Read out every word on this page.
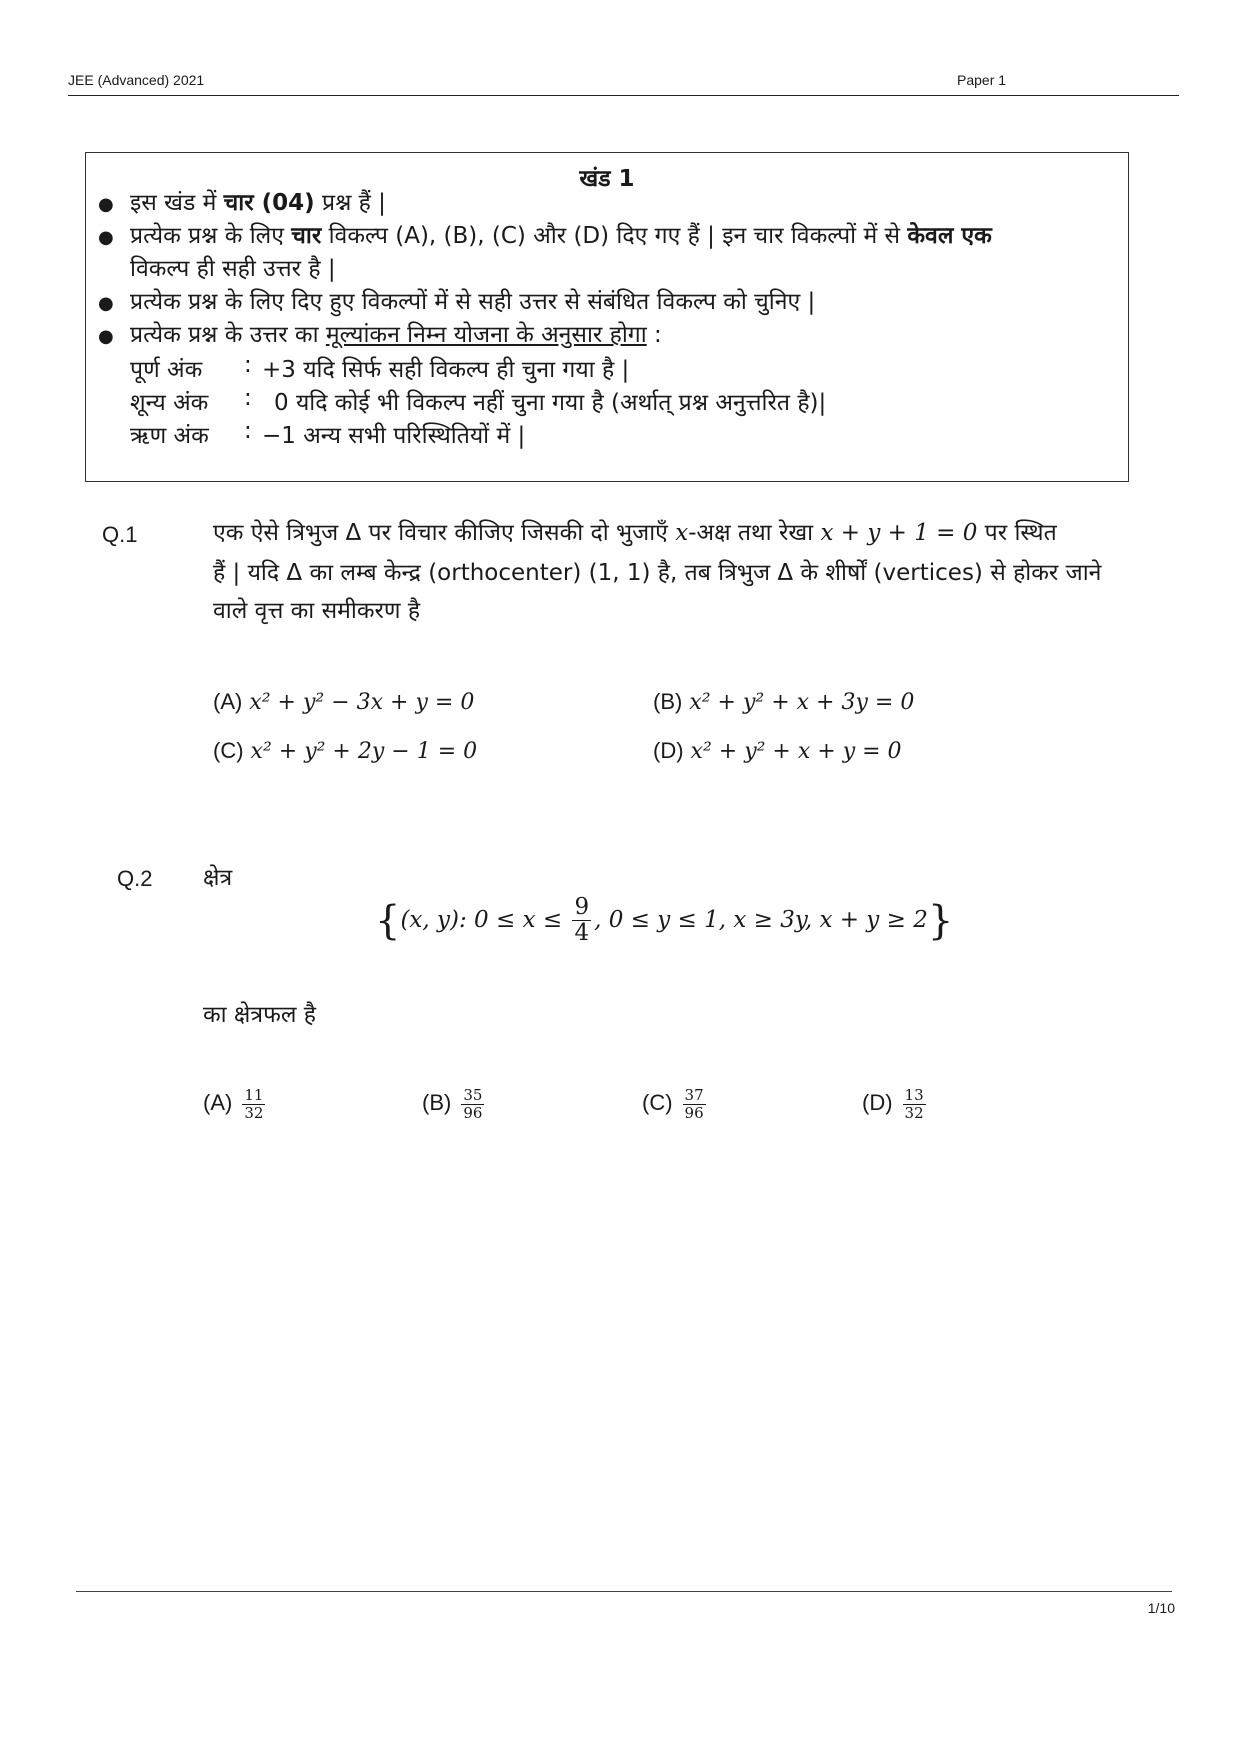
JEE (Advanced) 2021	Paper 1
खंड 1
● इस खंड में चार (04) प्रश्न हैं |
● प्रत्येक प्रश्न के लिए चार विकल्प (A), (B), (C) और (D) दिए गए हैं | इन चार विकल्पों में से केवल एक
विकल्प ही सही उत्तर है |
● प्रत्येक प्रश्न के लिए दिए हुए विकल्पों में से सही उत्तर से संबंधित विकल्प को चुनिए |
● प्रत्येक प्रश्न के उत्तर का मूल्यांकन निम्न योजना के अनुसार होगा :
पूर्ण अंक : +3 यदि सिर्फ सही विकल्प ही चुना गया है |
शून्य अंक : 0 यदि कोई भी विकल्प नहीं चुना गया है (अर्थात् प्रश्न अनुत्तरित है)|
ऋण अंक : −1 अन्य सभी परिस्थितियों में |
Q.1	एक ऐसे त्रिभुज Δ पर विचार कीजिए जिसकी दो भुजाएँ x-अक्ष तथा रेखा x + y + 1 = 0 पर स्थित
हैं | यदि Δ का लम्ब केन्द्र (orthocenter) (1, 1) है, तब त्रिभुज Δ के शीर्षों (vertices) से होकर जाने
वाले वृत्त का समीकरण है
(A) x² + y² − 3x + y = 0	(B) x² + y² + x + 3y = 0
(C) x² + y² + 2y − 1 = 0	(D) x² + y² + x + y = 0
Q.2 क्षेत्र
{(x, y): $0 \le x \le \frac{9}{4}$ , 0 ≤ y ≤ 1, x ≥ 3y, x + y ≥ 2}
का क्षेत्रफल है
$(A) \frac{11}{32}$	$(B) \frac{35}{96}$	$(C) \frac{37}{96}$	$(D) \frac{13}{32}$
1/10
